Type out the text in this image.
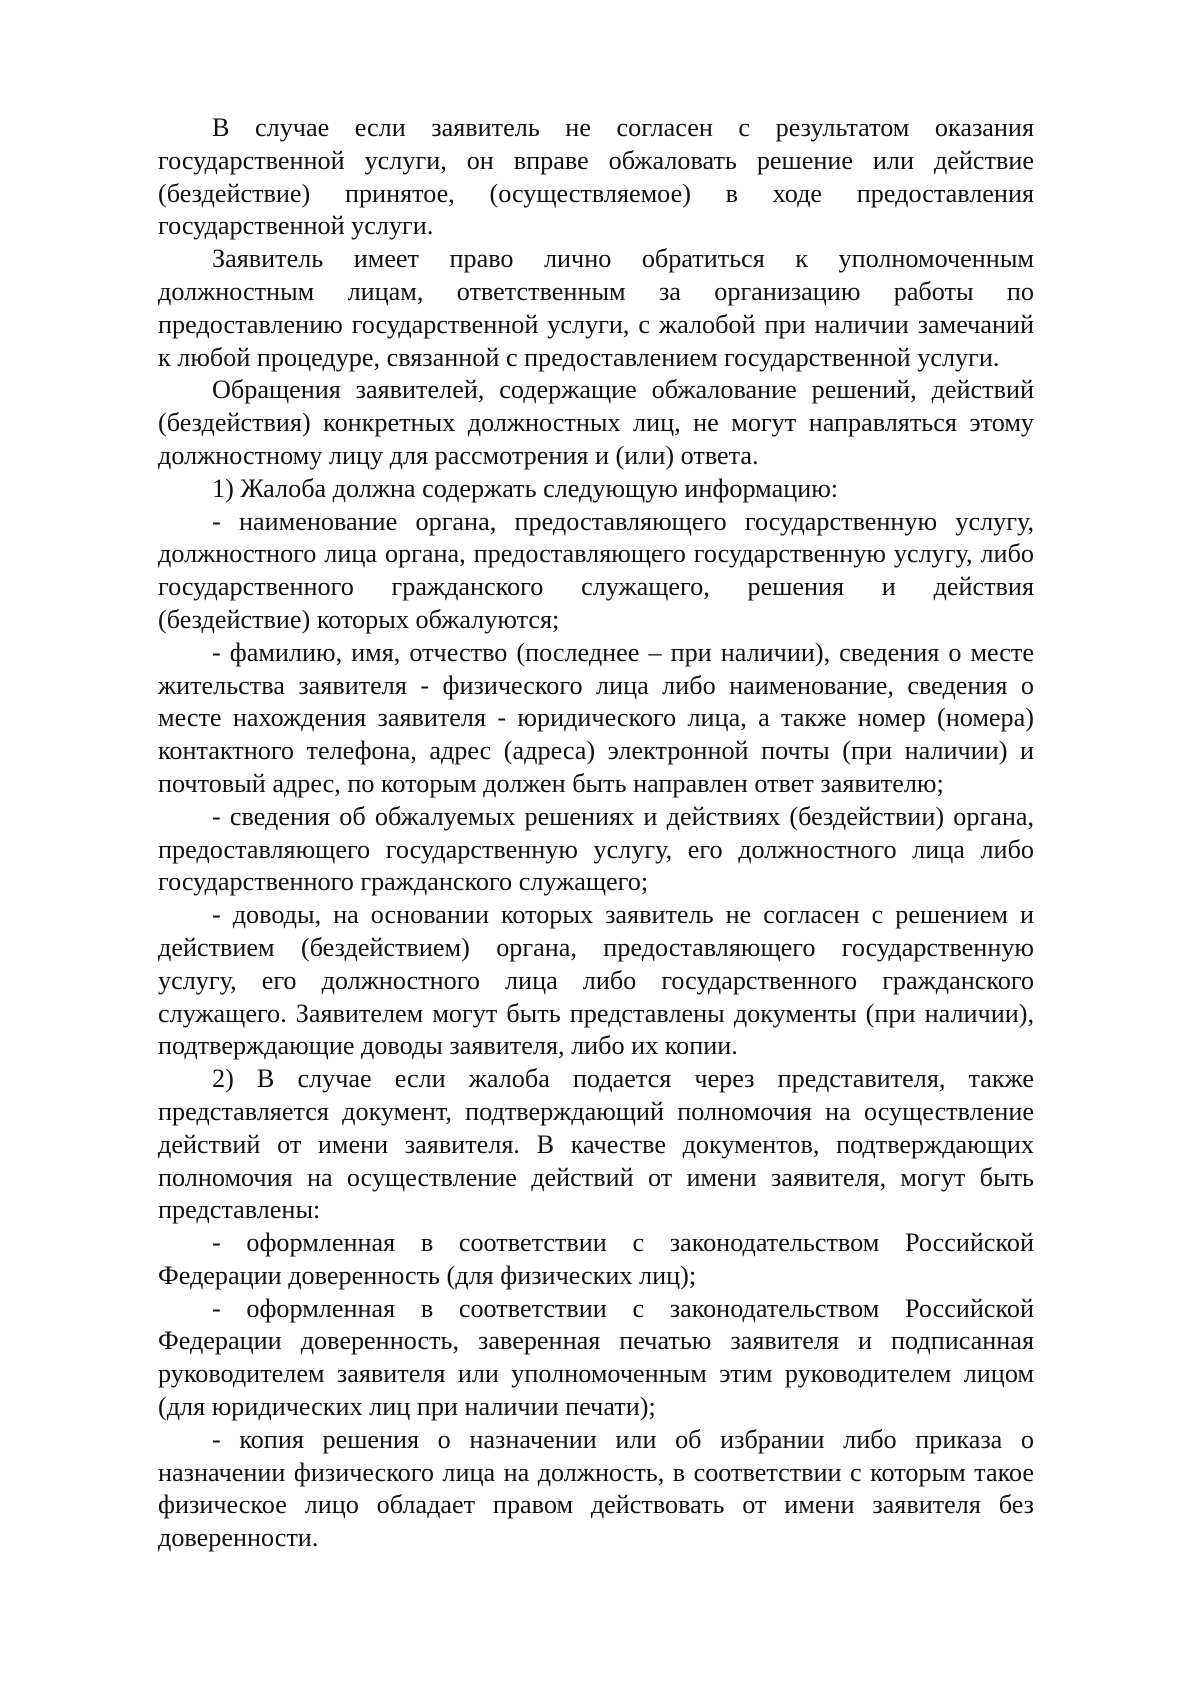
В случае если заявитель не согласен с результатом оказания государственной услуги, он вправе обжаловать решение или действие (бездействие) принятое, (осуществляемое) в ходе предоставления государственной услуги.

Заявитель имеет право лично обратиться к уполномоченным должностным лицам, ответственным за организацию работы по предоставлению государственной услуги, с жалобой при наличии замечаний к любой процедуре, связанной с предоставлением государственной услуги.

Обращения заявителей, содержащие обжалование решений, действий (бездействия) конкретных должностных лиц, не могут направляться этому должностному лицу для рассмотрения и (или) ответа.

1) Жалоба должна содержать следующую информацию:

- наименование органа, предоставляющего государственную услугу, должностного лица органа, предоставляющего государственную услугу, либо государственного гражданского служащего, решения и действия (бездействие) которых обжалуются;

- фамилию, имя, отчество (последнее – при наличии), сведения о месте жительства заявителя - физического лица либо наименование, сведения о месте нахождения заявителя - юридического лица, а также номер (номера) контактного телефона, адрес (адреса) электронной почты (при наличии) и почтовый адрес, по которым должен быть направлен ответ заявителю;

- сведения об обжалуемых решениях и действиях (бездействии) органа, предоставляющего государственную услугу, его должностного лица либо государственного гражданского служащего;

- доводы, на основании которых заявитель не согласен с решением и действием (бездействием) органа, предоставляющего государственную услугу, его должностного лица либо государственного гражданского служащего. Заявителем могут быть представлены документы (при наличии), подтверждающие доводы заявителя, либо их копии.

2) В случае если жалоба подается через представителя, также представляется документ, подтверждающий полномочия на осуществление действий от имени заявителя. В качестве документов, подтверждающих полномочия на осуществление действий от имени заявителя, могут быть представлены:

- оформленная в соответствии с законодательством Российской Федерации доверенность (для физических лиц);

- оформленная в соответствии с законодательством Российской Федерации доверенность, заверенная печатью заявителя и подписанная руководителем заявителя или уполномоченным этим руководителем лицом (для юридических лиц при наличии печати);

- копия решения о назначении или об избрании либо приказа о назначении физического лица на должность, в соответствии с которым такое физическое лицо обладает правом действовать от имени заявителя без доверенности.
